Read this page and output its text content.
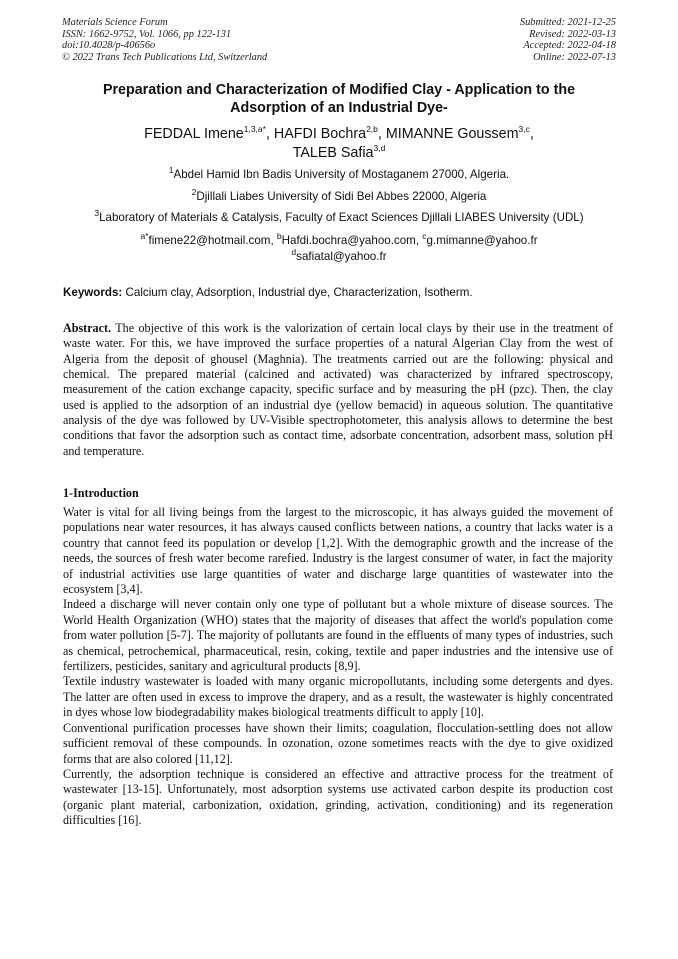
Materials Science Forum
ISSN: 1662-9752, Vol. 1066, pp 122-131
doi:10.4028/p-40656o
© 2022 Trans Tech Publications Ltd, Switzerland
Submitted: 2021-12-25
Revised: 2022-03-13
Accepted: 2022-04-18
Online: 2022-07-13
Preparation and Characterization of Modified Clay - Application to the
Adsorption of an Industrial Dye-
FEDDAL Imene$^{1,3,a*}$, HAFDI Bochra$^{2,b}$, MIMANNE Goussem$^{3,c}$,
TALEB Safia$^{3,d}$
$^1$Abdel Hamid Ibn Badis University of Mostaganem 27000, Algeria.
$^2$Djillali Liabes University of Sidi Bel Abbes 22000, Algeria
$^3$Laboratory of Materials & Catalysis, Faculty of Exact Sciences Djillali LIABES University (UDL)
$^{a*}$fimene22@hotmail.com, $^b$Hafdi.bochra@yahoo.com, $^c$g.mimanne@yahoo.fr
$^d$safiatal@yahoo.fr
Keywords: Calcium clay, Adsorption, Industrial dye, Characterization, Isotherm.
Abstract. The objective of this work is the valorization of certain local clays by their use in the treatment of waste water. For this, we have improved the surface properties of a natural Algerian Clay from the west of Algeria from the deposit of ghousel (Maghnia). The treatments carried out are the following: physical and chemical. The prepared material (calcined and activated) was characterized by infrared spectroscopy, measurement of the cation exchange capacity, specific surface and by measuring the pH (pzc). Then, the clay used is applied to the adsorption of an industrial dye (yellow bemacid) in aqueous solution. The quantitative analysis of the dye was followed by UV-Visible spectrophotometer, this analysis allows to determine the best conditions that favor the adsorption such as contact time, adsorbate concentration, adsorbent mass, solution pH and temperature.
1-Introduction

Water is vital for all living beings from the largest to the microscopic, it has always guided the movement of populations near water resources, it has always caused conflicts between nations, a country that lacks water is a country that cannot feed its population or develop [1,2]. With the demographic growth and the increase of the needs, the sources of fresh water become rarefied. Industry is the largest consumer of water, in fact the majority of industrial activities use large quantities of water and discharge large quantities of wastewater into the ecosystem [3,4].

Indeed a discharge will never contain only one type of pollutant but a whole mixture of disease sources. The World Health Organization (WHO) states that the majority of diseases that affect the world's population come from water pollution [5-7]. The majority of pollutants are found in the effluents of many types of industries, such as chemical, petrochemical, pharmaceutical, resin, coking, textile and paper industries and the intensive use of fertilizers, pesticides, sanitary and agricultural products [8,9].

Textile industry wastewater is loaded with many organic micropollutants, including some detergents and dyes. The latter are often used in excess to improve the drapery, and as a result, the wastewater is highly concentrated in dyes whose low biodegradability makes biological treatments difficult to apply [10].

Conventional purification processes have shown their limits; coagulation, flocculation-settling does not allow sufficient removal of these compounds. In ozonation, ozone sometimes reacts with the dye to give oxidized forms that are also colored [11,12].

Currently, the adsorption technique is considered an effective and attractive process for the treatment of wastewater [13-15]. Unfortunately, most adsorption systems use activated carbon despite its production cost (organic plant material, carbonization, oxidation, grinding, activation, conditioning) and its regeneration difficulties [16].
